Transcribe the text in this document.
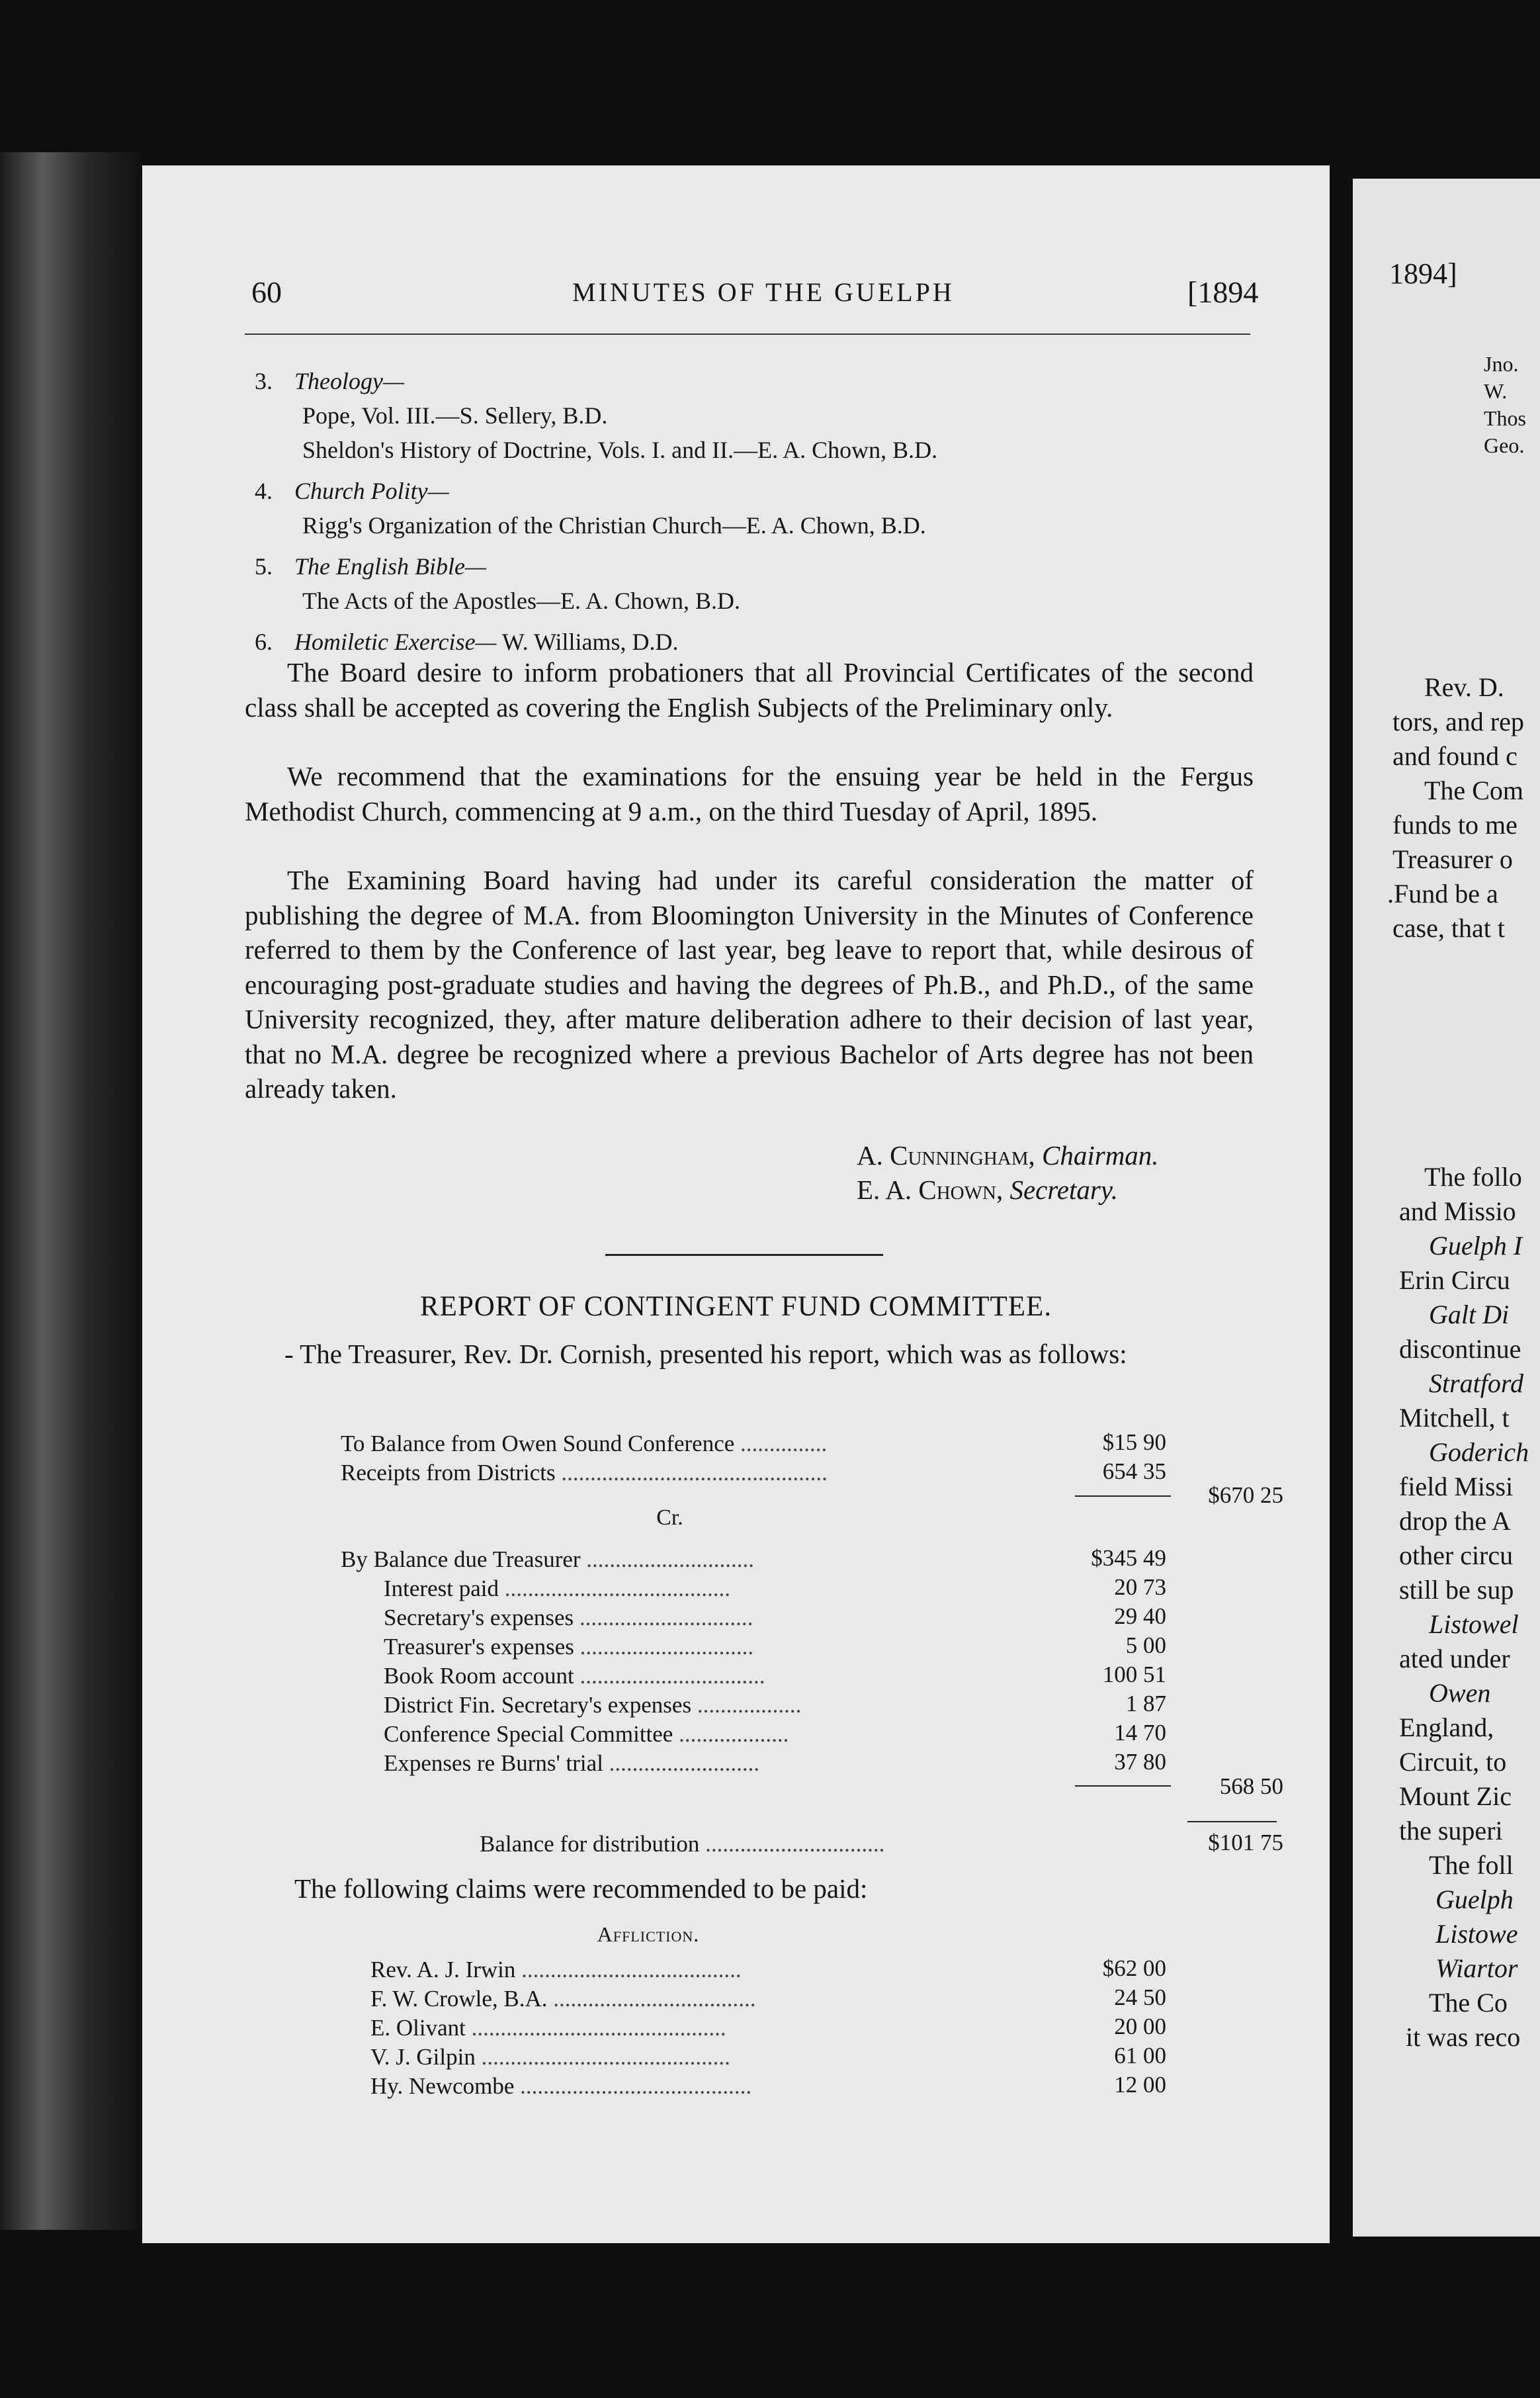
60	MINUTES OF THE GUELPH	[1894
3. Theology—
Pope, Vol. III.—S. Sellery, B.D.
Sheldon's History of Doctrine, Vols. I. and II.—E. A. Chown, B.D.
4. Church Polity—
Rigg's Organization of the Christian Church—E. A. Chown, B.D.
5. The English Bible—
The Acts of the Apostles—E. A. Chown, B.D.
6. Homiletic Exercise— W. Williams, D.D.
The Board desire to inform probationers that all Provincial Certificates of the second class shall be accepted as covering the English Subjects of the Preliminary only.
We recommend that the examinations for the ensuing year be held in the Fergus Methodist Church, commencing at 9 a.m., on the third Tuesday of April, 1895.
The Examining Board having had under its careful consideration the matter of publishing the degree of M.A. from Bloomington University in the Minutes of Conference referred to them by the Conference of last year, beg leave to report that, while desirous of encouraging post-graduate studies and having the degrees of Ph.B., and Ph.D., of the same University recognized, they, after mature deliberation adhere to their decision of last year, that no M.A. degree be recognized where a previous Bachelor of Arts degree has not been already taken.
A. Cunningham, Chairman.
E. A. Chown, Secretary.
REPORT OF CONTINGENT FUND COMMITTEE.
- The Treasurer, Rev. Dr. Cornish, presented his report, which was as follows:
To Balance from Owen Sound Conference ...............	$15 90
Receipts from Districts ..............................................	654 35
$670 25
Cr.
By Balance due Treasurer .............................	$345 49
Interest paid .......................................	20 73
Secretary's expenses ..............................	29 40
Treasurer's expenses ..............................	5 00
Book Room account ................................	100 51
District Fin. Secretary's expenses ..................	1 87
Conference Special Committee ...................	14 70
Expenses re Burns' trial ..........................	37 80
568 50
Balance for distribution ...............................	$101 75
The following claims were recommended to be paid:
Affliction.
Rev. A. J. Irwin ......................................	$62 00
F. W. Crowle, B.A. ...................................	24 50
E. Olivant ............................................	20 00
V. J. Gilpin ...........................................	61 00
Hy. Newcombe ........................................	12 00
1894]
Jno.
W.
Thos
Geo.
Rev. D.
tors, and rep
and found c
The Com
funds to me
Treasurer o
.Fund be a
case, that t
The follo
and Missio
Guelph I
Erin Circu
Galt Di
discontinue
Stratford
Mitchell, t
Goderich
field Missi
drop the A
other circu
still be sup
Listowel
ated under
Owen
England,
Circuit, to
Mount Zic
the superi
The foll
Guelph
Listowe
Wiartor
The Co
it was reco
